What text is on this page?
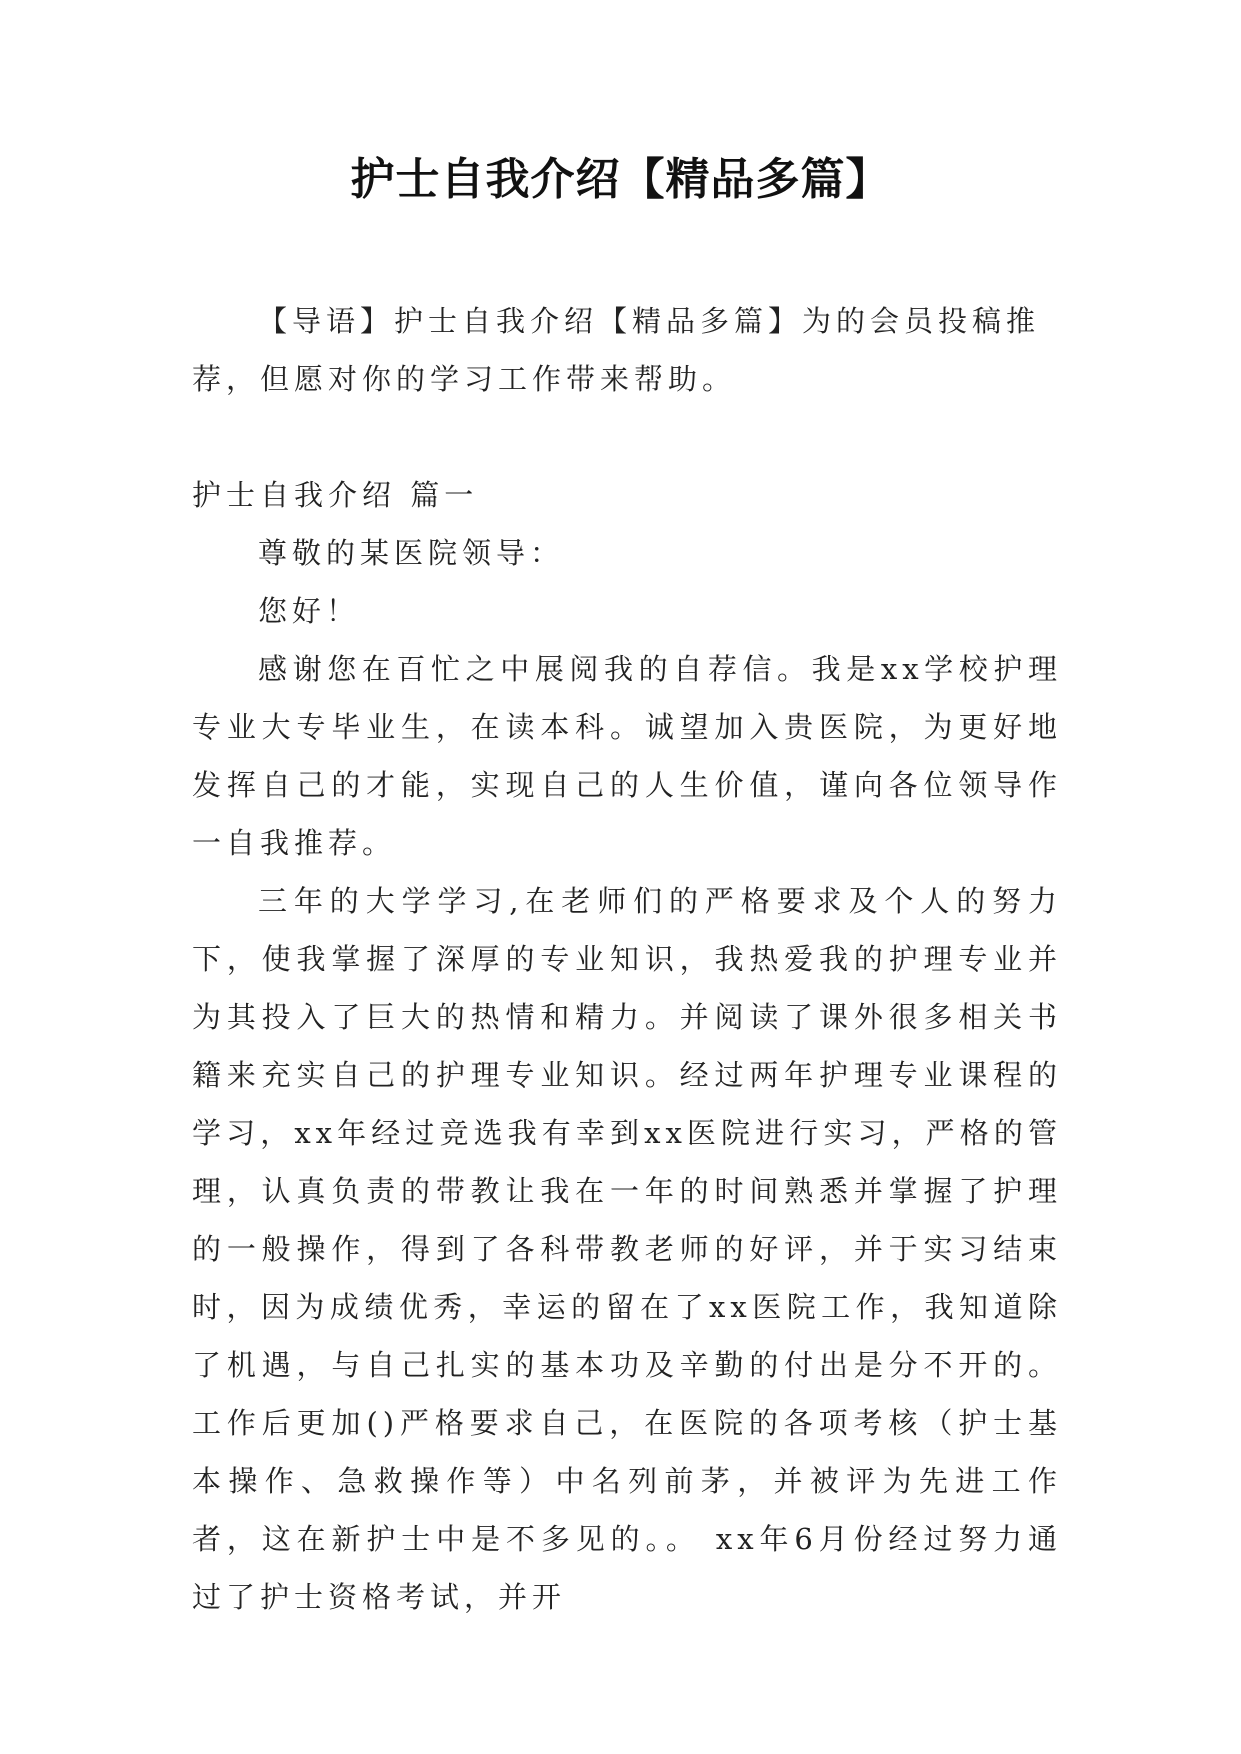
护士自我介绍【精品多篇】

【导语】护士自我介绍【精品多篇】为的会员投稿推荐，但愿对你的学习工作带来帮助。

护士自我介绍 篇一

尊敬的某医院领导：

您好！

感谢您在百忙之中展阅我的自荐信。我是xx学校护理专业大专毕业生，在读本科。诚望加入贵医院，为更好地发挥自己的才能，实现自己的人生价值，谨向各位领导作一自我推荐。

三年的大学学习,在老师们的严格要求及个人的努力下，使我掌握了深厚的专业知识，我热爱我的护理专业并为其投入了巨大的热情和精力。并阅读了课外很多相关书籍来充实自己的护理专业知识。经过两年护理专业课程的学习，xx年经过竞选我有幸到xx医院进行实习，严格的管理，认真负责的带教让我在一年的时间熟悉并掌握了护理的一般操作，得到了各科带教老师的好评，并于实习结束时，因为成绩优秀，幸运的留在了xx医院工作，我知道除了机遇，与自己扎实的基本功及辛勤的付出是分不开的。工作后更加()严格要求自己，在医院的各项考核（护士基本操作、急救操作等）中名列前茅，并被评为先进工作者，这在新护士中是不多见的。。 xx年6月份经过努力通过了护士资格考试，并开
